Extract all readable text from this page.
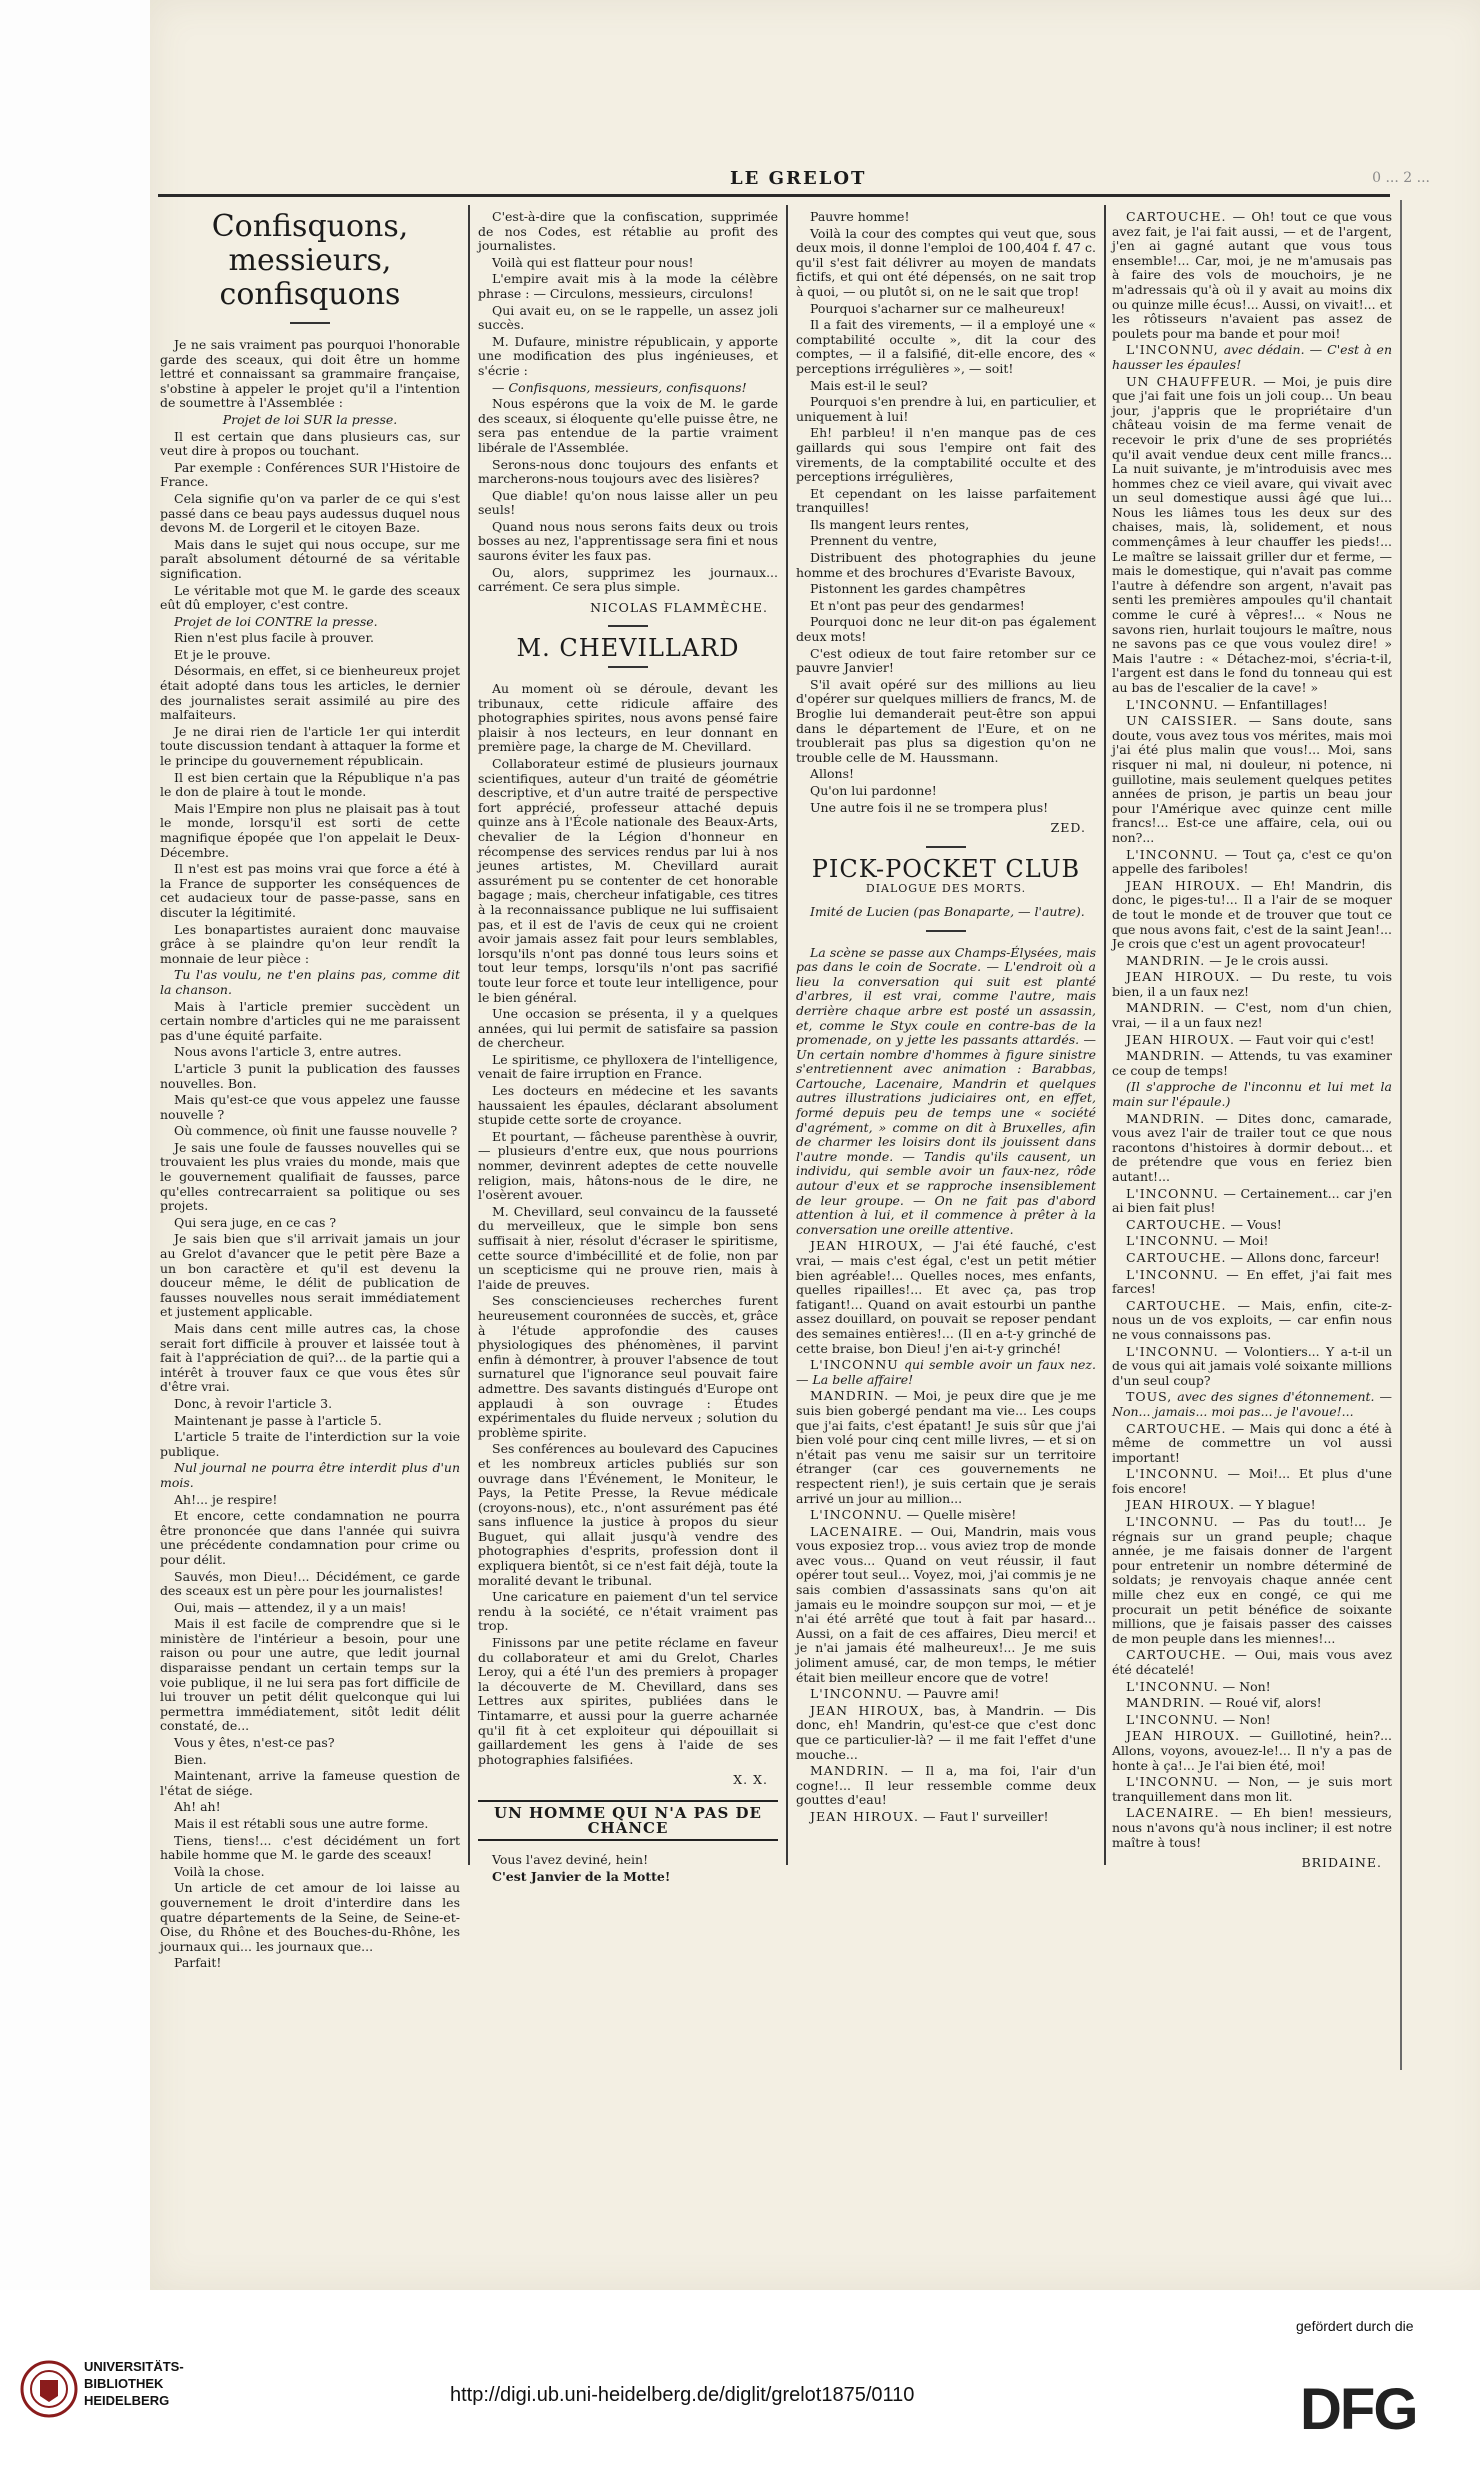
LE GRELOT	0 ... 2 ...
Confisquons, messieurs, confisquons

Je ne sais vraiment pas pourquoi l'honorable garde des sceaux, qui doit être un homme lettré et connaissant sa grammaire française, s'obstine à appeler le projet qu'il a l'intention de soumettre à l'Assemblée :

Projet de loi SUR la presse.

Il est certain que dans plusieurs cas, sur veut dire à propos ou touchant.

Par exemple : Conférences SUR l'Histoire de France.

Cela signifie qu'on va parler de ce qui s'est passé dans ce beau pays audessus duquel nous devons M. de Lorgeril et le citoyen Baze.

Mais dans le sujet qui nous occupe, sur me paraît absolument détourné de sa véritable signification.

Le véritable mot que M. le garde des sceaux eût dû employer, c'est contre.

Projet de loi CONTRE la presse.

Rien n'est plus facile à prouver.

Et je le prouve.

Désormais, en effet, si ce bienheureux projet était adopté dans tous les articles, le dernier des journalistes serait assimilé au pire des malfaiteurs.

Je ne dirai rien de l'article 1er qui interdit toute discussion tendant à attaquer la forme et le principe du gouvernement républicain.

Il est bien certain que la République n'a pas le don de plaire à tout le monde.

Mais l'Empire non plus ne plaisait pas à tout le monde, lorsqu'il est sorti de cette magnifique épopée que l'on appelait le Deux-Décembre.

Il n'est est pas moins vrai que force a été à la France de supporter les conséquences de cet audacieux tour de passe-passe, sans en discuter la légitimité.

Les bonapartistes auraient donc mauvaise grâce à se plaindre qu'on leur rendît la monnaie de leur pièce :

Tu l'as voulu, ne t'en plains pas, comme dit la chanson.

Mais à l'article premier succèdent un certain nombre d'articles qui ne me paraissent pas d'une équité parfaite.

Nous avons l'article 3, entre autres.

L'article 3 punit la publication des fausses nouvelles. Bon.

Mais qu'est-ce que vous appelez une fausse nouvelle ?

Où commence, où finit une fausse nouvelle ?

Je sais une foule de fausses nouvelles qui se trouvaient les plus vraies du monde, mais que le gouvernement qualifiait de fausses, parce qu'elles contrecarraient sa politique ou ses projets.

Qui sera juge, en ce cas ?

Je sais bien que s'il arrivait jamais un jour au Grelot d'avancer que le petit père Baze a un bon caractère et qu'il est devenu la douceur même, le délit de publication de fausses nouvelles nous serait immédiatement et justement applicable.

Mais dans cent mille autres cas, la chose serait fort difficile à prouver et laissée tout à fait à l'appréciation de qui?... de la partie qui a intérêt à trouver faux ce que vous êtes sûr d'être vrai.

Donc, à revoir l'article 3.

Maintenant je passe à l'article 5.

L'article 5 traite de l'interdiction sur la voie publique.

Nul journal ne pourra être interdit plus d'un mois.

Ah!... je respire!

Et encore, cette condamnation ne pourra être prononcée que dans l'année qui suivra une précédente condamnation pour crime ou pour délit.

Sauvés, mon Dieu!... Décidément, ce garde des sceaux est un père pour les journalistes!

Oui, mais — attendez, il y a un mais!

Mais il est facile de comprendre que si le ministère de l'intérieur a besoin, pour une raison ou pour une autre, que ledit journal disparaisse pendant un certain temps sur la voie publique, il ne lui sera pas fort difficile de lui trouver un petit délit quelconque qui lui permettra immédiatement, sitôt ledit délit constaté, de...

Vous y êtes, n'est-ce pas?

Bien.

Maintenant, arrive la fameuse question de l'état de siége.

Ah! ah!

Mais il est rétabli sous une autre forme.

Tiens, tiens!... c'est décidément un fort habile homme que M. le garde des sceaux!

Voilà la chose.

Un article de cet amour de loi laisse au gouvernement le droit d'interdire dans les quatre départements de la Seine, de Seine-et-Oise, du Rhône et des Bouches-du-Rhône, les journaux qui... les journaux que...

Parfait!

C'est-à-dire que la confiscation, supprimée de nos Codes, est rétablie au profit des journalistes.

Voilà qui est flatteur pour nous!

L'empire avait mis à la mode la célèbre phrase : — Circulons, messieurs, circulons!

Qui avait eu, on se le rappelle, un assez joli succès.

M. Dufaure, ministre républicain, y apporte une modification des plus ingénieuses, et s'écrie :

— Confisquons, messieurs, confisquons!

Nous espérons que la voix de M. le garde des sceaux, si éloquente qu'elle puisse être, ne sera pas entendue de la partie vraiment libérale de l'Assemblée.

Serons-nous donc toujours des enfants et marcherons-nous toujours avec des lisières?

Que diable! qu'on nous laisse aller un peu seuls!

Quand nous nous serons faits deux ou trois bosses au nez, l'apprentissage sera fini et nous saurons éviter les faux pas.

Ou, alors, supprimez les journaux... carrément. Ce sera plus simple.

NICOLAS FLAMMÈCHE.
M. CHEVILLARD

Au moment où se déroule, devant les tribunaux, cette ridicule affaire des photographies spirites, nous avons pensé faire plaisir à nos lecteurs, en leur donnant en première page, la charge de M. Chevillard.

Collaborateur estimé de plusieurs journaux scientifiques, auteur d'un traité de géométrie descriptive, et d'un autre traité de perspective fort apprécié, professeur attaché depuis quinze ans à l'École nationale des Beaux-Arts, chevalier de la Légion d'honneur en récompense des services rendus par lui à nos jeunes artistes, M. Chevillard aurait assurément pu se contenter de cet honorable bagage ; mais, chercheur infatigable, ces titres à la reconnaissance publique ne lui suffisaient pas, et il est de l'avis de ceux qui ne croient avoir jamais assez fait pour leurs semblables, lorsqu'ils n'ont pas donné tous leurs soins et tout leur temps, lorsqu'ils n'ont pas sacrifié toute leur force et toute leur intelligence, pour le bien général.

Une occasion se présenta, il y a quelques années, qui lui permit de satisfaire sa passion de chercheur.

Le spiritisme, ce phylloxera de l'intelligence, venait de faire irruption en France.

Les docteurs en médecine et les savants haussaient les épaules, déclarant absolument stupide cette sorte de croyance.

Et pourtant, — fâcheuse parenthèse à ouvrir, — plusieurs d'entre eux, que nous pourrions nommer, devinrent adeptes de cette nouvelle religion, mais, hâtons-nous de le dire, ne l'osèrent avouer.

M. Chevillard, seul convaincu de la fausseté du merveilleux, que le simple bon sens suffisait à nier, résolut d'écraser le spiritisme, cette source d'imbécillité et de folie, non par un scepticisme qui ne prouve rien, mais à l'aide de preuves.

Ses consciencieuses recherches furent heureusement couronnées de succès, et, grâce à l'étude approfondie des causes physiologiques des phénomènes, il parvint enfin à démontrer, à prouver l'absence de tout surnaturel que l'ignorance seul pouvait faire admettre. Des savants distingués d'Europe ont applaudi à son ouvrage : Études expérimentales du fluide nerveux ; solution du problème spirite.

Ses conférences au boulevard des Capucines et les nombreux articles publiés sur son ouvrage dans l'Événement, le Moniteur, le Pays, la Petite Presse, la Revue médicale (croyons-nous), etc., n'ont assurément pas été sans influence la justice à propos du sieur Buguet, qui allait jusqu'à vendre des photographies d'esprits, profession dont il expliquera bientôt, si ce n'est fait déjà, toute la moralité devant le tribunal.

Une caricature en paiement d'un tel service rendu à la société, ce n'était vraiment pas trop.

Finissons par une petite réclame en faveur du collaborateur et ami du Grelot, Charles Leroy, qui a été l'un des premiers à propager la découverte de M. Chevillard, dans ses Lettres aux spirites, publiées dans le Tintamarre, et aussi pour la guerre acharnée qu'il fit à cet exploiteur qui dépouillait si gaillardement les gens à l'aide de ses photographies falsifiées.

X. X.
UN HOMME QUI N'A PAS DE CHANCE

Vous l'avez deviné, hein!

C'est Janvier de la Motte!

Pauvre homme!

Voilà la cour des comptes qui veut que, sous deux mois, il donne l'emploi de 100,404 f. 47 c. qu'il s'est fait délivrer au moyen de mandats fictifs, et qui ont été dépensés, on ne sait trop à quoi, — ou plutôt si, on ne le sait que trop!

Pourquoi s'acharner sur ce malheureux!

Il a fait des virements, — il a employé une « comptabilité occulte », dit la cour des comptes, — il a falsifié, dit-elle encore, des « perceptions irrégulières », — soit!

Mais est-il le seul?

Pourquoi s'en prendre à lui, en particulier, et uniquement à lui!

Eh! parbleu! il n'en manque pas de ces gaillards qui sous l'empire ont fait des virements, de la comptabilité occulte et des perceptions irrégulières,

Et cependant on les laisse parfaitement tranquilles!

Ils mangent leurs rentes,

Prennent du ventre,

Distribuent des photographies du jeune homme et des brochures d'Evariste Bavoux,

Pistonnent les gardes champêtres

Et n'ont pas peur des gendarmes!

Pourquoi donc ne leur dit-on pas également deux mots!

C'est odieux de tout faire retomber sur ce pauvre Janvier!

S'il avait opéré sur des millions au lieu d'opérer sur quelques milliers de francs, M. de Broglie lui demanderait peut-être son appui dans le département de l'Eure, et on ne troublerait pas plus sa digestion qu'on ne trouble celle de M. Haussmann.

Allons!

Qu'on lui pardonne!

Une autre fois il ne se trompera plus!

ZED.
PICK-POCKET CLUB
DIALOGUE DES MORTS.

Imité de Lucien (pas Bonaparte, — l'autre).

La scène se passe aux Champs-Élysées, mais pas dans le coin de Socrate. — L'endroit où a lieu la conversation qui suit est planté d'arbres, il est vrai, comme l'autre, mais derrière chaque arbre est posté un assassin, et, comme le Styx coule en contre-bas de la promenade, on y jette les passants attardés. — Un certain nombre d'hommes à figure sinistre s'entretiennent avec animation : Barabbas, Cartouche, Lacenaire, Mandrin et quelques autres illustrations judiciaires ont, en effet, formé depuis peu de temps une « société d'agrément, » comme on dit à Bruxelles, afin de charmer les loisirs dont ils jouissent dans l'autre monde. — Tandis qu'ils causent, un individu, qui semble avoir un faux-nez, rôde autour d'eux et se rapproche insensiblement de leur groupe. — On ne fait pas d'abord attention à lui, et il commence à prêter à la conversation une oreille attentive.

JEAN HIROUX, — J'ai été fauché, c'est vrai, — mais c'est égal, c'est un petit métier bien agréable!... Quelles noces, mes enfants, quelles ripailles!... Et avec ça, pas trop fatigant!... Quand on avait estourbi un panthe assez douillard, on pouvait se reposer pendant des semaines entières!... (Il en a-t-y grinché de cette braise, bon Dieu! j'en ai-t-y grinché!

L'INCONNU qui semble avoir un faux nez. — La belle affaire!

MANDRIN. — Moi, je peux dire que je me suis bien gobergé pendant ma vie... Les coups que j'ai faits, c'est épatant! Je suis sûr que j'ai bien volé pour cinq cent mille livres, — et si on n'était pas venu me saisir sur un territoire étranger (car ces gouvernements ne respectent rien!), je suis certain que je serais arrivé un jour au million...

L'INCONNU. — Quelle misère!

LACENAIRE. — Oui, Mandrin, mais vous vous exposiez trop... vous aviez trop de monde avec vous... Quand on veut réussir, il faut opérer tout seul... Voyez, moi, j'ai commis je ne sais combien d'assassinats sans qu'on ait jamais eu le moindre soupçon sur moi, — et je n'ai été arrêté que tout à fait par hasard... Aussi, on a fait de ces affaires, Dieu merci! et je n'ai jamais été malheureux!... Je me suis joliment amusé, car, de mon temps, le métier était bien meilleur encore que de votre!

L'INCONNU. — Pauvre ami!

JEAN HIROUX, bas, à Mandrin. — Dis donc, eh! Mandrin, qu'est-ce que c'est donc que ce particulier-là? — il me fait l'effet d'une mouche...

MANDRIN. — Il a, ma foi, l'air d'un cogne!... Il leur ressemble comme deux gouttes d'eau!

JEAN HIROUX. — Faut l' surveiller!

CARTOUCHE. — Oh! tout ce que vous avez fait, je l'ai fait aussi, — et de l'argent, j'en ai gagné autant que vous tous ensemble!... Car, moi, je ne m'amusais pas à faire des vols de mouchoirs, je ne m'adressais qu'à où il y avait au moins dix ou quinze mille écus!... Aussi, on vivait!... et les rôtisseurs n'avaient pas assez de poulets pour ma bande et pour moi!

L'INCONNU, avec dédain. — C'est à en hausser les épaules!

UN CHAUFFEUR. — Moi, je puis dire que j'ai fait une fois un joli coup... Un beau jour, j'appris que le propriétaire d'un château voisin de ma ferme venait de recevoir le prix d'une de ses propriétés qu'il avait vendue deux cent mille francs... La nuit suivante, je m'introduisis avec mes hommes chez ce vieil avare, qui vivait avec un seul domestique aussi âgé que lui... Nous les liâmes tous les deux sur des chaises, mais, là, solidement, et nous commençâmes à leur chauffer les pieds!... Le maître se laissait griller dur et ferme, — mais le domestique, qui n'avait pas comme l'autre à défendre son argent, n'avait pas senti les premières ampoules qu'il chantait comme le curé à vêpres!... « Nous ne savons rien, hurlait toujours le maître, nous ne savons pas ce que vous voulez dire! » Mais l'autre : « Détachez-moi, s'écria-t-il, l'argent est dans le fond du tonneau qui est au bas de l'escalier de la cave! »

L'INCONNU. — Enfantillages!

UN CAISSIER. — Sans doute, sans doute, vous avez tous vos mérites, mais moi j'ai été plus malin que vous!... Moi, sans risquer ni mal, ni douleur, ni potence, ni guillotine, mais seulement quelques petites années de prison, je partis un beau jour pour l'Amérique avec quinze cent mille francs!... Est-ce une affaire, cela, oui ou non?...

L'INCONNU. — Tout ça, c'est ce qu'on appelle des fariboles!

JEAN HIROUX. — Eh! Mandrin, dis donc, le piges-tu!... Il a l'air de se moquer de tout le monde et de trouver que tout ce que nous avons fait, c'est de la saint Jean!... Je crois que c'est un agent provocateur!

MANDRIN. — Je le crois aussi.

JEAN HIROUX. — Du reste, tu vois bien, il a un faux nez!

MANDRIN. — C'est, nom d'un chien, vrai, — il a un faux nez!

JEAN HIROUX. — Faut voir qui c'est!

MANDRIN. — Attends, tu vas examiner ce coup de temps!

(Il s'approche de l'inconnu et lui met la main sur l'épaule.)

MANDRIN. — Dites donc, camarade, vous avez l'air de trailer tout ce que nous racontons d'histoires à dormir debout... et de prétendre que vous en feriez bien autant!...

L'INCONNU. — Certainement... car j'en ai bien fait plus!

CARTOUCHE. — Vous!

L'INCONNU. — Moi!

CARTOUCHE. — Allons donc, farceur!

L'INCONNU. — En effet, j'ai fait mes farces!

CARTOUCHE. — Mais, enfin, cite-z-nous un de vos exploits, — car enfin nous ne vous connaissons pas.

L'INCONNU. — Volontiers... Y a-t-il un de vous qui ait jamais volé soixante millions d'un seul coup?

TOUS, avec des signes d'étonnement. — Non... jamais... moi pas... je l'avoue!...

CARTOUCHE. — Mais qui donc a été à même de commettre un vol aussi important!

L'INCONNU. — Moi!... Et plus d'une fois encore!

JEAN HIROUX. — Y blague!

L'INCONNU. — Pas du tout!... Je régnais sur un grand peuple; chaque année, je me faisais donner de l'argent pour entretenir un nombre déterminé de soldats; je renvoyais chaque année cent mille chez eux en congé, ce qui me procurait un petit bénéfice de soixante millions, que je faisais passer des caisses de mon peuple dans les miennes!...

CARTOUCHE. — Oui, mais vous avez été décatelé!

L'INCONNU. — Non!

MANDRIN. — Roué vif, alors!

L'INCONNU. — Non!

JEAN HIROUX. — Guillotiné, hein?... Allons, voyons, avouez-le!... Il n'y a pas de honte à ça!... Je l'ai bien été, moi!

L'INCONNU. — Non, — je suis mort tranquillement dans mon lit.

LACENAIRE. — Eh bien! messieurs, nous n'avons qu'à nous incliner; il est notre maître à tous!

BRIDAINE.
UNIVERSITÄTS-
BIBLIOTHEK
HEIDELBERG	http://digi.ub.uni-heidelberg.de/diglit/grelot1875/0110
gefördert durch die
DFG
